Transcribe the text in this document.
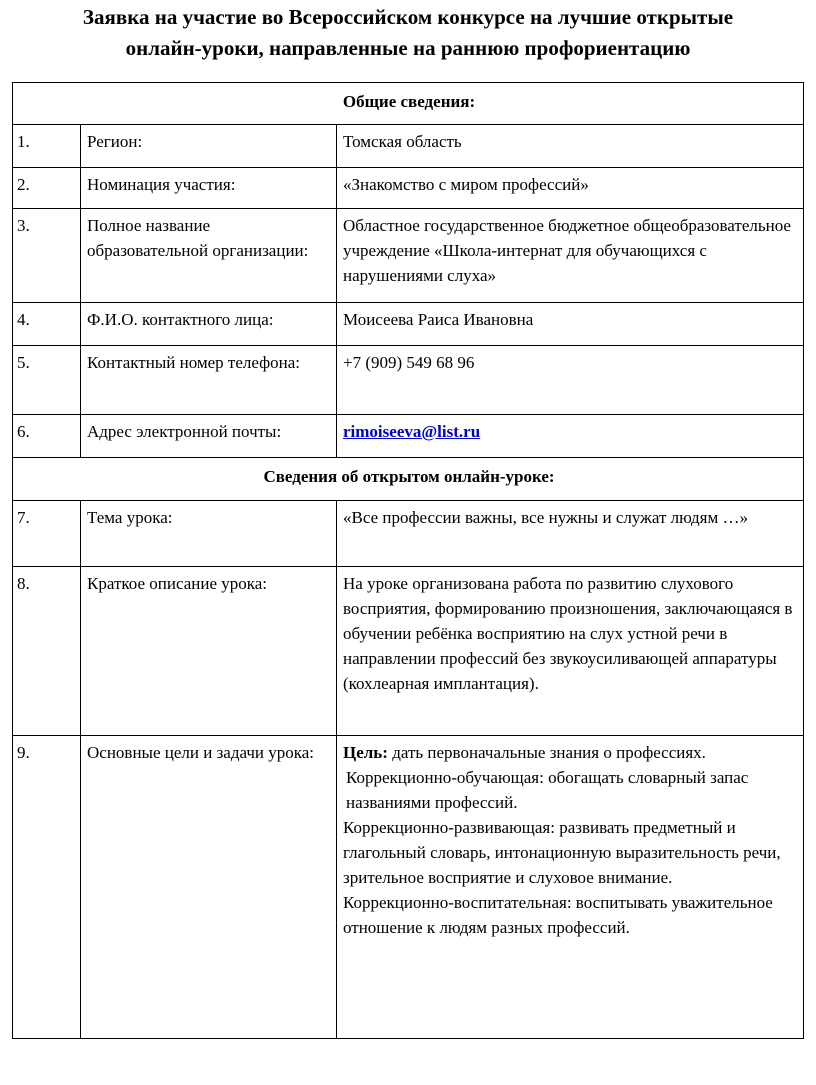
Заявка на участие во Всероссийском конкурсе на лучшие открытые
онлайн-уроки, направленные на раннюю профориентацию
Общие сведения:		
1.	Регион:	Томская область
2.	Номинация участия:	«Знакомство с миром профессий»
3.	Полное название образовательной организации:	Областное государственное бюджетное общеобразовательное учреждение «Школа-интернат для обучающихся с нарушениями слуха»
4.	Ф.И.О. контактного лица:	Моисеева Раиса Ивановна
5.	Контактный номер телефона:	+7 (909) 549 68 96
6.	Адрес электронной почты:	rimoiseeva@list.ru
Сведения об открытом онлайн-уроке:		
7.	Тема урока:	«Все профессии важны, все нужны и служат людям …»
8.	Краткое описание урока:	На уроке организована работа по развитию слухового восприятия, формированию произношения, заключающаяся в обучении ребёнка восприятию на слух устной речи в направлении профессий без звукоусиливающей аппаратуры (кохлеарная имплантация).
9.	Основные цели и задачи урока:	Цель: дать первоначальные знания о профессиях.
Коррекционно-обучающая: обогащать словарный запас названиями профессий.
Коррекционно-развивающая: развивать предметный и глагольный словарь, интонационную выразительность речи, зрительное восприятие и слуховое внимание.
Коррекционно-воспитательная: воспитывать уважительное отношение к людям разных профессий.
